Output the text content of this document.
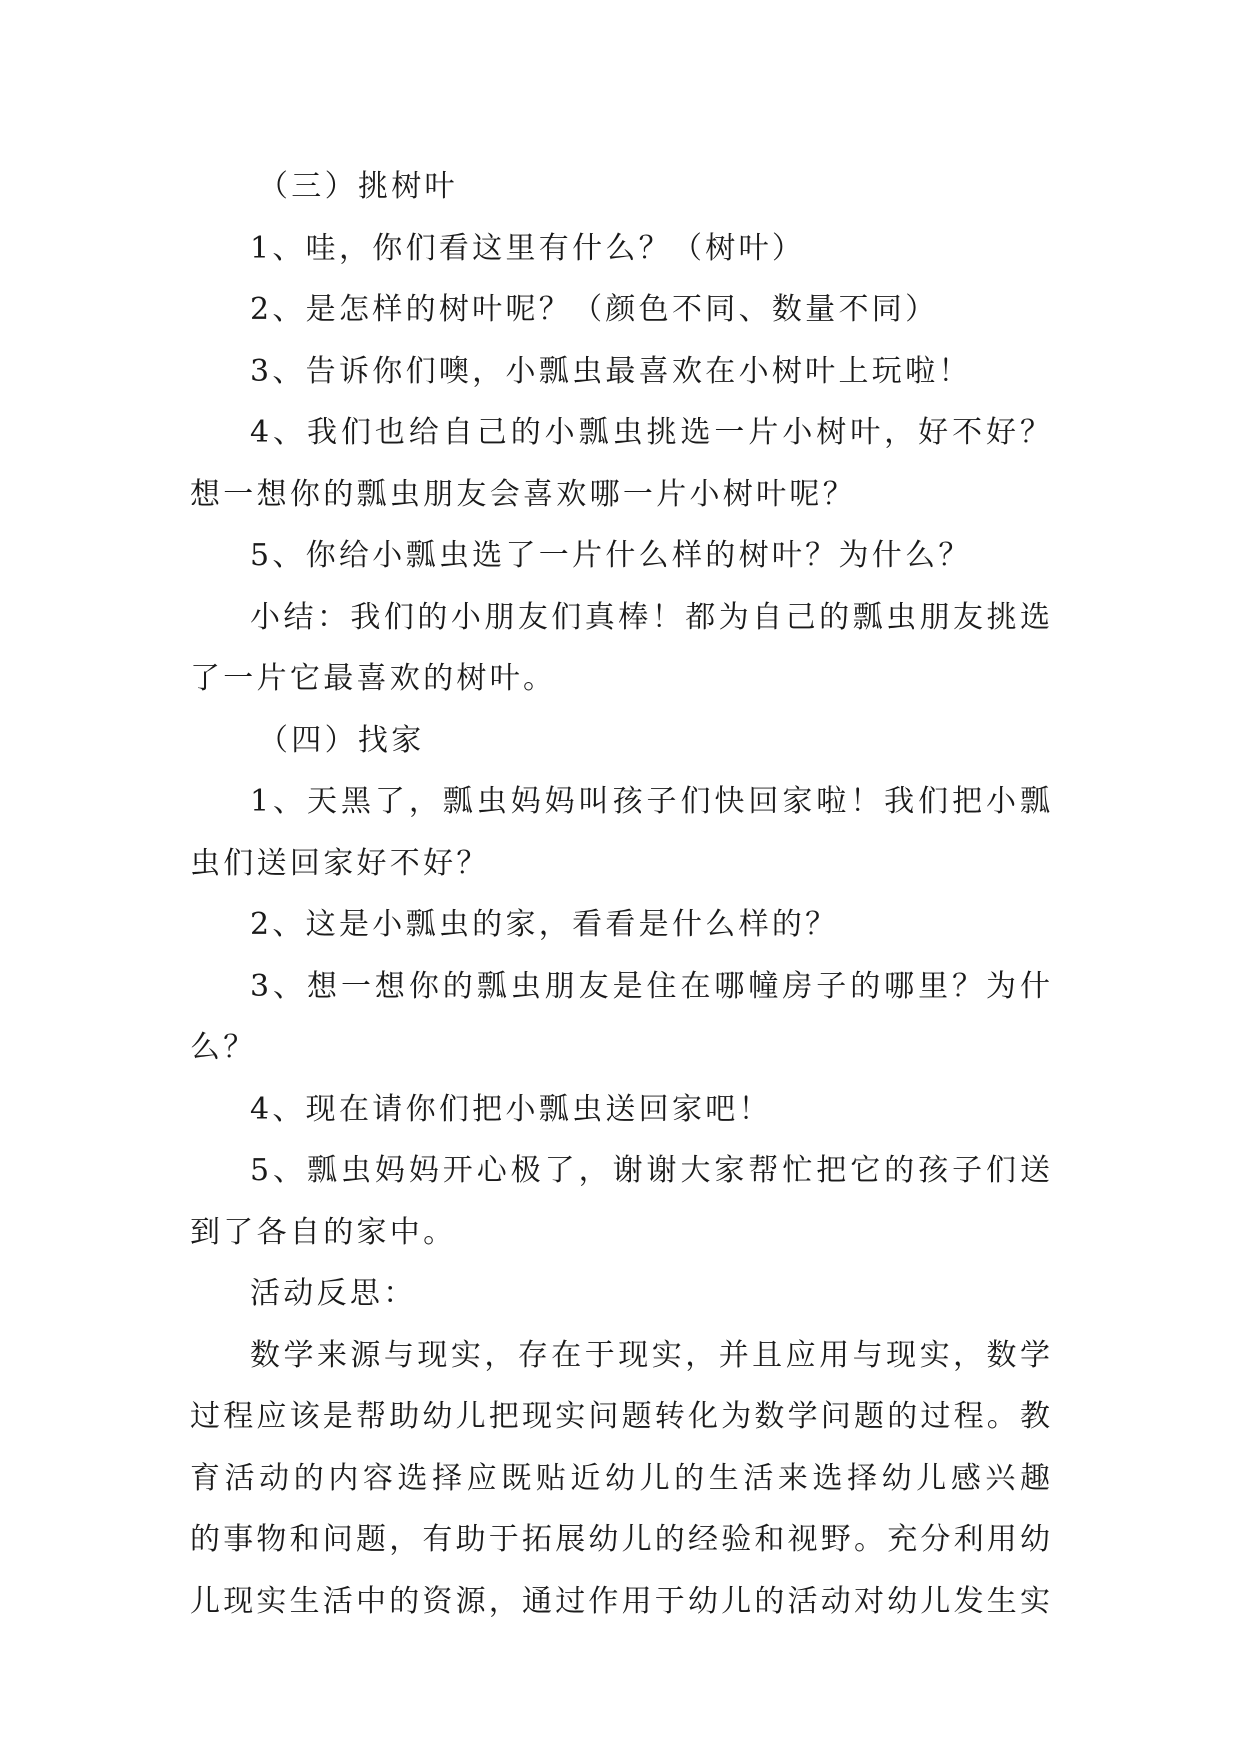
（三）挑树叶
1、哇，你们看这里有什么？（树叶）
2、是怎样的树叶呢？（颜色不同、数量不同）
3、告诉你们噢，小瓢虫最喜欢在小树叶上玩啦！
4、我们也给自己的小瓢虫挑选一片小树叶，好不好？
想一想你的瓢虫朋友会喜欢哪一片小树叶呢？
5、你给小瓢虫选了一片什么样的树叶？为什么？
小结：我们的小朋友们真棒！都为自己的瓢虫朋友挑选
了一片它最喜欢的树叶。
（四）找家
1、天黑了，瓢虫妈妈叫孩子们快回家啦！我们把小瓢
虫们送回家好不好？
2、这是小瓢虫的家，看看是什么样的？
3、想一想你的瓢虫朋友是住在哪幢房子的哪里？为什
么？
4、现在请你们把小瓢虫送回家吧！
5、瓢虫妈妈开心极了，谢谢大家帮忙把它的孩子们送
到了各自的家中。
活动反思：
数学来源与现实，存在于现实，并且应用与现实，数学
过程应该是帮助幼儿把现实问题转化为数学问题的过程。教
育活动的内容选择应既贴近幼儿的生活来选择幼儿感兴趣
的事物和问题，有助于拓展幼儿的经验和视野。充分利用幼
儿现实生活中的资源，通过作用于幼儿的活动对幼儿发生实
